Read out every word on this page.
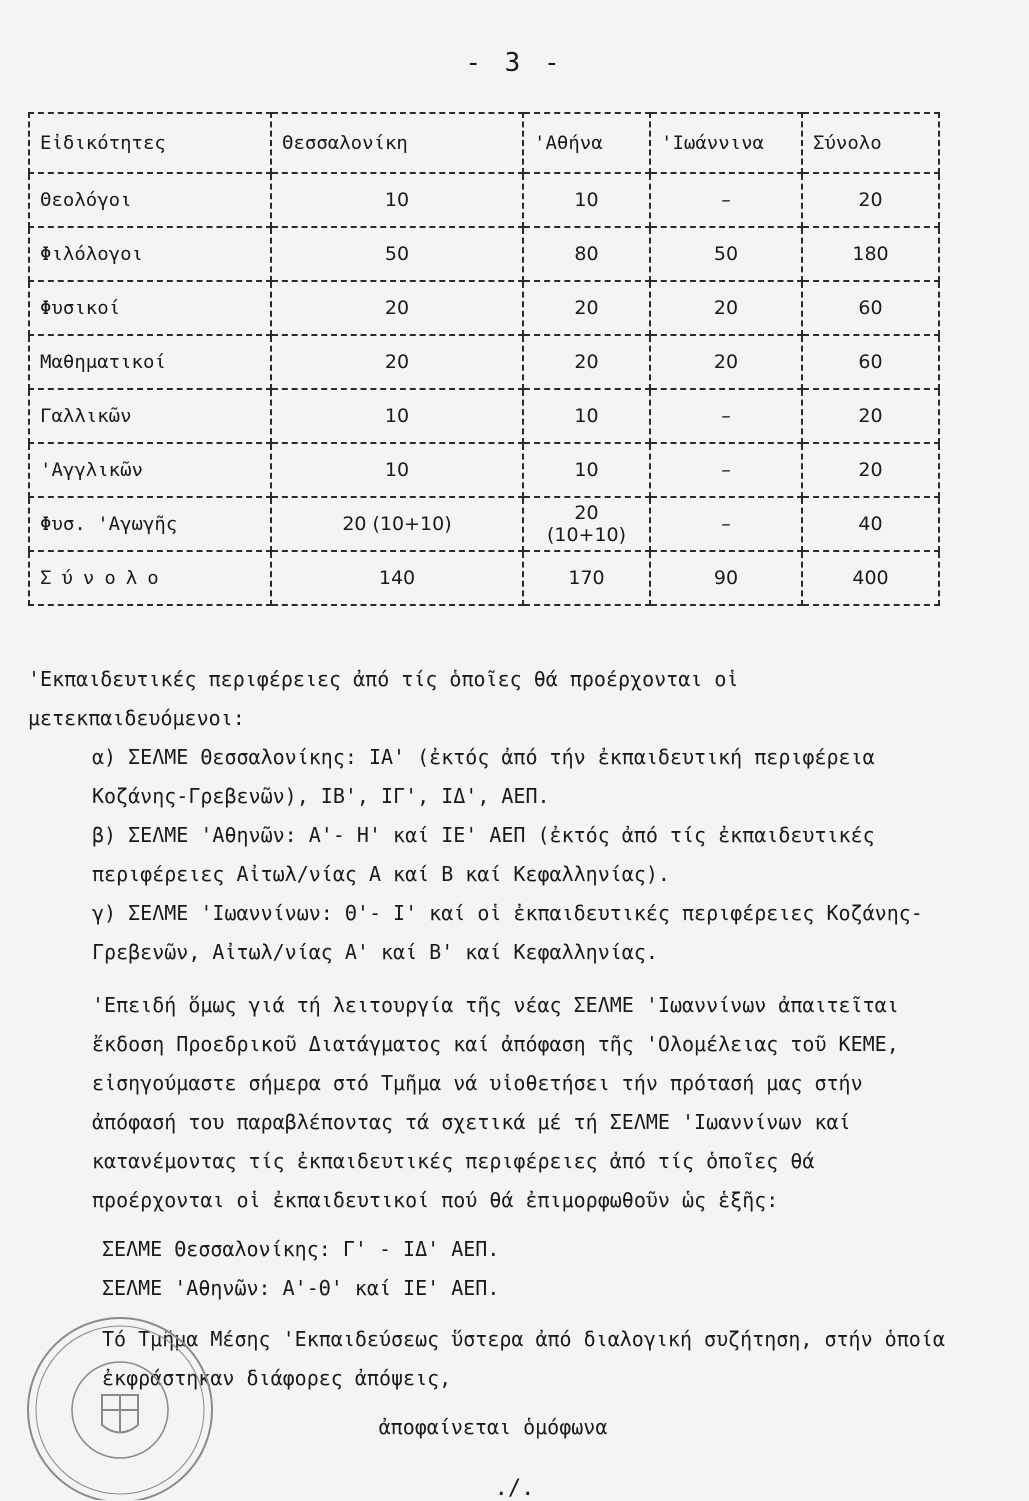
- 3 -
Εἰδικότητες	Θεσσαλονίκη	'Αθήνα	'Ιωάννινα	Σύνολο
Θεολόγοι	10	10	–	20
Φιλόλογοι	50	80	50	180
Φυσικοί	20	20	20	60
Μαθηματικοί	20	20	20	60
Γαλλικῶν	10	10	–	20
'Αγγλικῶν	10	10	–	20
Φυσ. 'Αγωγῆς	20 (10+10)	20 (10+10)	–	40
Σύνολο	140	170	90	400

'Εκπαιδευτικές περιφέρειες ἀπό τίς ὁποῖες θά προέρχονται οἱ μετεκπαιδευόμενοι:

α) ΣΕΛΜΕ Θεσσαλονίκης: ΙΑ' (ἐκτός ἀπό τήν ἐκπαιδευτική περιφέρεια Κοζάνης-Γρεβενῶν), ΙΒ', ΙΓ', ΙΔ', ΑΕΠ.

β) ΣΕΛΜΕ 'Αθηνῶν: Α'- Η' καί ΙΕ' ΑΕΠ (ἐκτός ἀπό τίς ἐκπαιδευτικές περιφέρειες Αἰτωλ/νίας Α καί Β καί Κεφαλληνίας).

γ) ΣΕΛΜΕ 'Ιωαννίνων: Θ'- Ι' καί οἱ ἐκπαιδευτικές περιφέρειες Κοζάνης-Γρεβενῶν, Αἰτωλ/νίας Α' καί Β' καί Κεφαλληνίας.

'Επειδή ὅμως γιά τή λειτουργία τῆς νέας ΣΕΛΜΕ 'Ιωαννίνων ἀπαιτεῖται ἔκδοση Προεδρικοῦ Διατάγματος καί ἀπόφαση τῆς 'Ολομέλειας τοῦ ΚΕΜΕ, εἰσηγούμαστε σήμερα στό Τμῆμα νά υἱοθετήσει τήν πρότασή μας στήν ἀπόφασή του παραβλέποντας τά σχετικά μέ τή ΣΕΛΜΕ 'Ιωαννίνων καί κατανέμοντας τίς ἐκπαιδευτικές περιφέρειες ἀπό τίς ὁποῖες θά προέρχονται οἱ ἐκπαιδευτικοί πού θά ἐπιμορφωθοῦν ὡς ἑξῆς:

ΣΕΛΜΕ Θεσσαλονίκης: Γ' - ΙΔ' ΑΕΠ.

ΣΕΛΜΕ 'Αθηνῶν: Α'-Θ' καί ΙΕ' ΑΕΠ.

Τό Τμῆμα Μέσης 'Εκπαιδεύσεως ὕστερα ἀπό διαλογική συζήτηση, στήν ὁποία ἐκφράστηκαν διάφορες ἀπόψεις,

ἀποφαίνεται ὁμόφωνα

./.
